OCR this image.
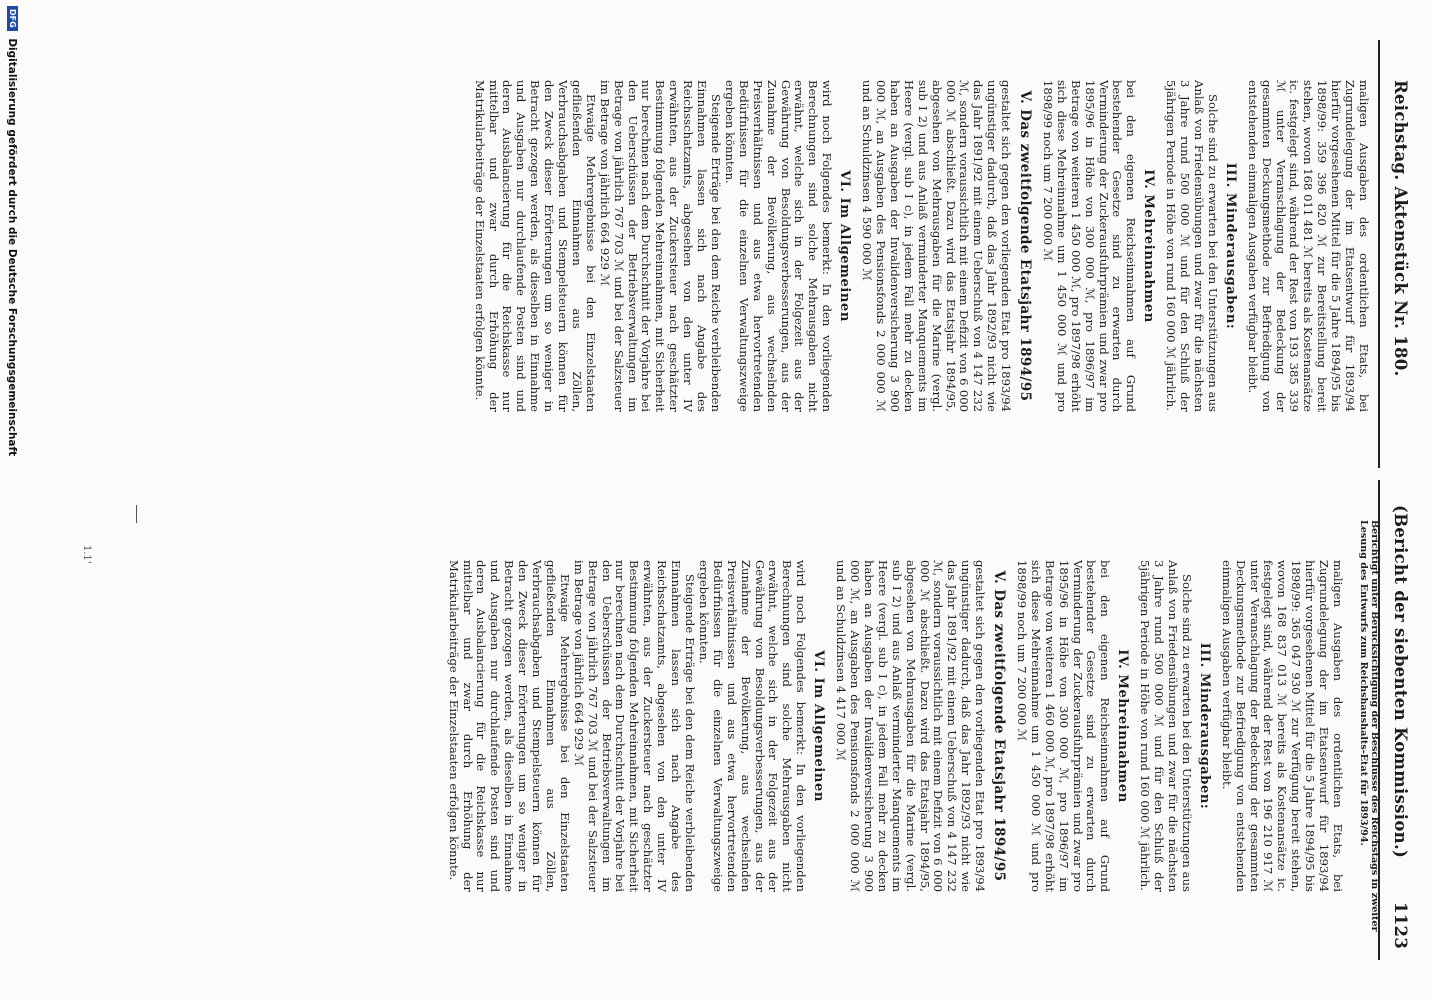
Reichstag. Aktenstück Nr. 180.
(Bericht der siebenten Kommission.)
1123
Berichtigt unter Berücksichtigung der Beschlüsse des Reichstags in zweiter Lesung des Entwurfs zum Reichshaushalts-Etat für 1893/94.

maligen Ausgaben des ordentlichen Etats, bei Zugrundelegung der im Etatsentwurf für 1893/94 hierfür vorgesehenen Mittel für die 5 Jahre 1894/95 bis 1898/99: 359 396 820 ℳ zur Bereitstellung bereit stehen, wovon 168 011 481 ℳ bereits als Kostenansätze ic. festgelegt sind, während der Rest von 193 385 339 ℳ unter Veranschlagung der Bedeckung der gesammten Deckungsmethode zur Befriedigung von entstehenden einmaligen Ausgaben verfügbar bleibt.

III. Minderausgaben:

Solche sind zu erwarten bei den Unterstützungen aus Anlaß von Friedensübungen und zwar für die nächsten 3 Jahre rund 500 000 ℳ und für den Schluß der 5jährigen Periode in Höhe von rund 160 000 ℳ jährlich.

IV. Mehreinnahmen

bei den eigenen Reichseinnahmen auf Grund bestehender Gesetze sind zu erwarten durch Verminderung der Zuckerausfuhrprämien und zwar pro 1895/96 in Höhe von 300 000 ℳ, pro 1896/97 im Betrage von weiteren 1 450 000 ℳ, pro 1897/98 erhöht sich diese Mehreinnahme um 1 450 000 ℳ und pro 1898/99 noch um 7 200 000 ℳ

V. Das zweitfolgende Etatsjahr 1894/95

gestaltet sich gegen den vorliegenden Etat pro 1893/94 ungünstiger dadurch, daß das Jahr 1892/93 nicht wie das Jahr 1891/92 mit einem Ueberschuß von 4 147 232 ℳ, sondern voraussichtlich mit einem Defizit von 6 000 000 ℳ abschließt. Dazu wird das Etatsjahr 1894/95, abgesehen von Mehrausgaben für die Marine (vergl. sub I 2) und aus Anlaß verminderter Manquements im Heere (vergl. sub I c), in jedem Fall mehr zu decken haben an Ausgaben der Invalidenversicherung 3 900 000 ℳ, an Ausgaben des Pensionsfonds 2 000 000 ℳ und an Schuldzinsen 4 590 000 ℳ

VI. Im Allgemeinen

wird noch Folgendes bemerkt: In den vorliegenden Berechnungen sind solche Mehrausgaben nicht erwähnt, welche sich in der Folgezeit aus der Gewährung von Besoldungsverbesserungen, aus der Zunahme der Bevölkerung, aus wechselnden Preisverhältnissen und aus etwa hervortretenden Bedürfnissen für die einzelnen Verwaltungszweige ergeben könnten.

Steigende Erträge bei den dem Reiche verbleibenden Einnahmen lassen sich nach Angabe des Reichsschatzamts, abgesehen von den unter IV erwähnten, aus der Zuckersteuer nach geschätzter Bestimmung folgenden Mehreinnahmen, mit Sicherheit nur berechnen nach dem Durchschnitt der Vorjahre bei den Ueberschüssen der Betriebsverwaltungen im Betrage von jährlich 767 703 ℳ und bei der Salzsteuer im Betrage von jährlich 664 929 ℳ

Etwaige Mehrergebnisse bei den Einzelstaaten gefließenden Einnahmen aus Zöllen, Verbrauchsabgaben und Stempelsteuern können für den Zweck dieser Erörterungen um so weniger in Betracht gezogen werden, als dieselben in Einnahme und Ausgaben nur durchlaufende Posten sind und deren Ausbalancierung für die Reichskasse nur mittelbar und zwar durch Erhöhung der Matrikularbeiträge der Einzelstaaten erfolgen könnte.

maligen Ausgaben des ordentlichen Etats, bei Zugrundelegung der im Etatsentwurf für 1893/94 hierfür vorgesehenen Mittel für die 5 Jahre 1894/95 bis 1898/99: 365 047 930 ℳ zur Verfügung bereit stehen, wovon 168 837 013 ℳ bereits als Kostenansätze ic. festgelegt sind, während der Rest von 196 210 917 ℳ unter Veranschlagung der Bedeckung der gesammten Deckungsmethode zur Befriedigung von entstehenden einmaligen Ausgaben verfügbar bleibt.

III. Minderausgaben:

Solche sind zu erwarten bei den Unterstützungen aus Anlaß von Friedensübungen und zwar für die nächsten 3 Jahre rund 500 000 ℳ und für den Schluß der 5jährigen Periode in Höhe von rund 160 000 ℳ jährlich.

IV. Mehreinnahmen

bei den eigenen Reichseinnahmen auf Grund bestehender Gesetze sind zu erwarten durch Verminderung der Zuckerausfuhrprämien und zwar pro 1895/96 in Höhe von 300 000 ℳ, pro 1896/97 im Betrage von weiteren 1 460 000 ℳ, pro 1897/98 erhöht sich diese Mehreinnahme um 1 450 000 ℳ und pro 1898/99 noch um 7 200 000 ℳ

V. Das zweitfolgende Etatsjahr 1894/95

gestaltet sich gegen den vorliegenden Etat pro 1893/94 ungünstiger dadurch, daß das Jahr 1892/93 nicht wie das Jahr 1891/92 mit einem Ueberschuß von 4 147 232 ℳ, sondern voraussichtlich mit einem Defizit von 6 000 000 ℳ abschließt. Dazu wird das Etatsjahr 1894/95, abgesehen von Mehrausgaben für die Marine (vergl. sub I 2) und aus Anlaß verminderter Manquements im Heere (vergl. sub I c), in jedem Fall mehr zu decken haben an Ausgaben der Invalidenversicherung 3 900 000 ℳ, an Ausgaben des Pensionsfonds 2 000 000 ℳ und an Schuldzinsen 4 417 000 ℳ

VI. Im Allgemeinen

wird noch Folgendes bemerkt: In den vorliegenden Berechnungen sind solche Mehrausgaben nicht erwähnt, welche sich in der Folgezeit aus der Gewährung von Besoldungsverbesserungen, aus der Zunahme der Bevölkerung, aus wechselnden Preisverhältnissen und aus etwa hervortretenden Bedürfnissen für die einzelnen Verwaltungszweige ergeben könnten.

Steigende Erträge bei den dem Reiche verbleibenden Einnahmen lassen sich nach Angabe des Reichsschatzamts, abgesehen von den unter IV erwähnten, aus der Zuckersteuer nach geschätzter Bestimmung folgenden Mehreinnahmen, mit Sicherheit nur berechnen nach dem Durchschnitt der Vorjahre bei den Ueberschüssen der Betriebsverwaltungen im Betrage von jährlich 767 703 ℳ und bei der Salzsteuer im Betrage von jährlich 664 929 ℳ

Etwaige Mehrergebnisse bei den Einzelstaaten gefließenden Einnahmen aus Zöllen, Verbrauchsabgaben und Stempelsteuern können für den Zweck dieser Erörterungen um so weniger in Betracht gezogen werden, als dieselben in Einnahme und Ausgaben nur durchlaufende Posten sind und deren Ausbalancierung für die Reichskasse nur mittelbar und zwar durch Erhöhung der Matrikularbeiträge der Einzelstaaten erfolgen könnte.

1.1'
DFG Digitalisierung gefördert durch die Deutsche Forschungsgemeinschaft
